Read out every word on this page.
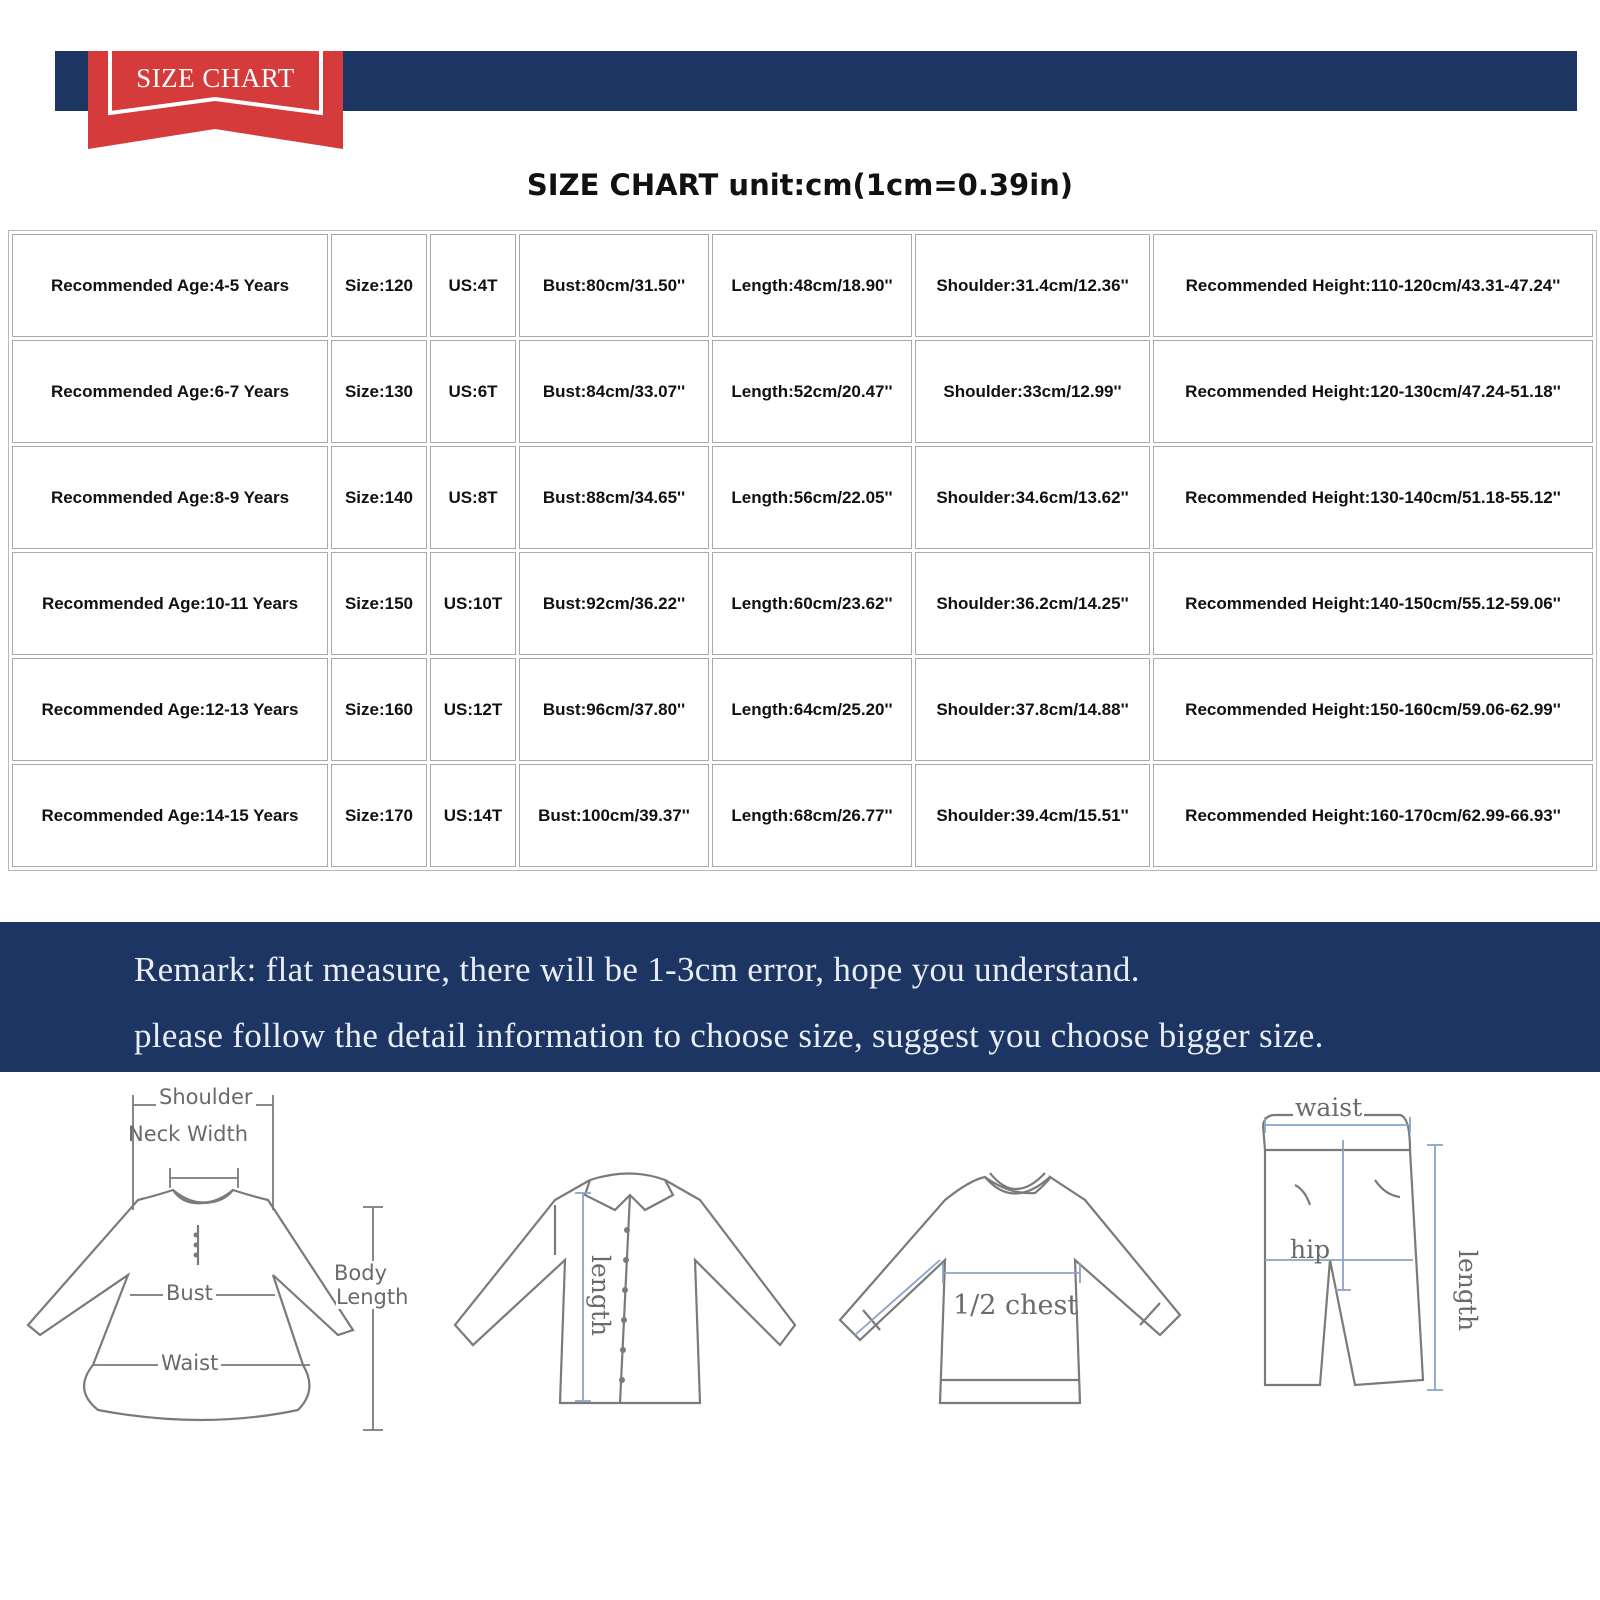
SIZE CHART
SIZE CHART unit:cm(1cm=0.39in)
Recommended Age:4-5 Years	Size:120	US:4T	Bust:80cm/31.50''	Length:48cm/18.90''	Shoulder:31.4cm/12.36''	Recommended Height:110-120cm/43.31-47.24''
Recommended Age:6-7 Years	Size:130	US:6T	Bust:84cm/33.07''	Length:52cm/20.47''	Shoulder:33cm/12.99''	Recommended Height:120-130cm/47.24-51.18''
Recommended Age:8-9 Years	Size:140	US:8T	Bust:88cm/34.65''	Length:56cm/22.05''	Shoulder:34.6cm/13.62''	Recommended Height:130-140cm/51.18-55.12''
Recommended Age:10-11 Years	Size:150	US:10T	Bust:92cm/36.22''	Length:60cm/23.62''	Shoulder:36.2cm/14.25''	Recommended Height:140-150cm/55.12-59.06''
Recommended Age:12-13 Years	Size:160	US:12T	Bust:96cm/37.80''	Length:64cm/25.20''	Shoulder:37.8cm/14.88''	Recommended Height:150-160cm/59.06-62.99''
Recommended Age:14-15 Years	Size:170	US:14T	Bust:100cm/39.37''	Length:68cm/26.77''	Shoulder:39.4cm/15.51''	Recommended Height:160-170cm/62.99-66.93''
Remark: flat measure, there will be 1-3cm error, hope you understand.
please follow the detail information to choose size, suggest you choose bigger size.
Shoulder
Neck Width
Bust
Waist
Body
Length	length	1/2 chest
waist
hip
length
